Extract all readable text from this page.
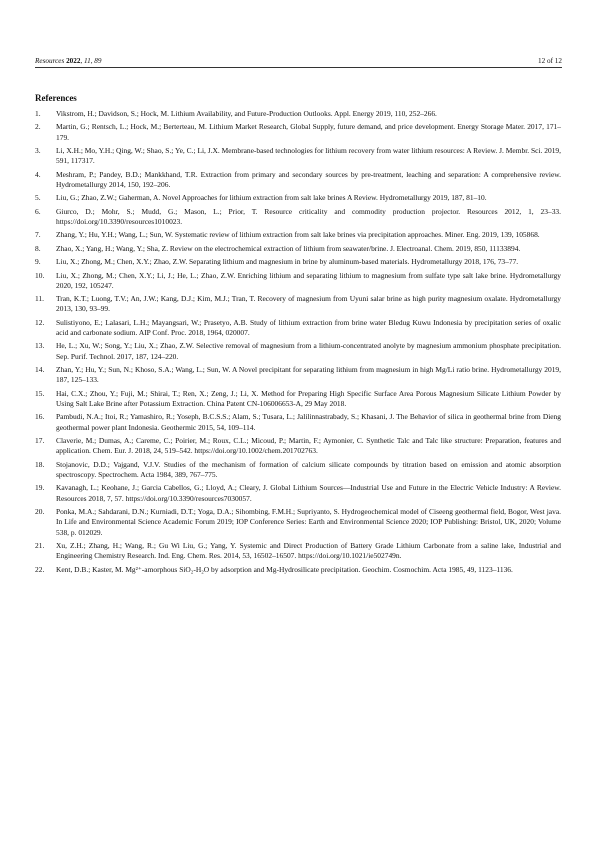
Resources 2022, 11, 89	12 of 12
References
1. Vikstrom, H.; Davidson, S.; Hock, M. Lithium Availability, and Future-Production Outlooks. Appl. Energy 2019, 110, 252–266.
2. Martin, G.; Rentsch, L.; Hock, M.; Berterteau, M. Lithium Market Research, Global Supply, future demand, and price development. Energy Storage Mater. 2017, 171–179.
3. Li, X.H.; Mo, Y.H.; Qing, W.; Shao, S.; Ye, C.; Li, J.X. Membrane-based technologies for lithium recovery from water lithium resources: A Review. J. Membr. Sci. 2019, 591, 117317.
4. Meshram, P.; Pandey, B.D.; Mankkhand, T.R. Extraction from primary and secondary sources by pre-treatment, leaching and separation: A comprehensive review. Hydrometallurgy 2014, 150, 192–206.
5. Liu, G.; Zhao, Z.W.; Gaherman, A. Novel Approaches for lithium extraction from salt lake brines A Review. Hydrometallurgy 2019, 187, 81–10.
6. Giurco, D.; Mohr, S.; Mudd, G.; Mason, L.; Prior, T. Resource criticality and commodity production projector. Resources 2012, 1, 23–33. https://doi.org/10.3390/resources1010023.
7. Zhang, Y.; Hu, Y.H.; Wang, L.; Sun, W. Systematic review of lithium extraction from salt lake brines via precipitation approaches. Miner. Eng. 2019, 139, 105868.
8. Zhao, X.; Yang, H.; Wang, Y.; Sha, Z. Review on the electrochemical extraction of lithium from seawater/brine. J. Electroanal. Chem. 2019, 850, 11133894.
9. Liu, X.; Zhong, M.; Chen, X.Y.; Zhao, Z.W. Separating lithium and magnesium in brine by aluminum-based materials. Hydrometallurgy 2018, 176, 73–77.
10. Liu, X.; Zhong, M.; Chen, X.Y.; Li, J.; He, L.; Zhao, Z.W. Enriching lithium and separating lithium to magnesium from sulfate type salt lake brine. Hydrometallurgy 2020, 192, 105247.
11. Tran, K.T.; Luong, T.V.; An, J.W.; Kang, D.J.; Kim, M.J.; Tran, T. Recovery of magnesium from Uyuni salar brine as high purity magnesium oxalate. Hydrometallurgy 2013, 130, 93–99.
12. Sulistiyono, E.; Lalasari, L.H.; Mayangsari, W.; Prasetyo, A.B. Study of lithium extraction from brine water Bledug Kuwu Indonesia by precipitation series of oxalic acid and carbonate sodium. AIP Conf. Proc. 2018, 1964, 020007.
13. He, L.; Xu, W.; Song, Y.; Liu, X.; Zhao, Z.W. Selective removal of magnesium from a lithium-concentrated anolyte by magnesium ammonium phosphate precipitation. Sep. Purif. Technol. 2017, 187, 124–220.
14. Zhan, Y.; Hu, Y.; Sun, N.; Khoso, S.A.; Wang, L.; Sun, W. A Novel precipitant for separating lithium from magnesium in high Mg/Li ratio brine. Hydrometallurgy 2019, 187, 125–133.
15. Hai, C.X.; Zhou, Y.; Fuji, M.; Shirai, T.; Ren, X.; Zeng, J.; Li, X. Method for Preparing High Specific Surface Area Porous Magnesium Silicate Lithium Powder by Using Salt Lake Brine after Potassium Extraction. China Patent CN-106006653-A, 29 May 2018.
16. Pambudi, N.A.; Itoi, R.; Yamashiro, R.; Yoseph, B.C.S.S.; Alam, S.; Tusara, L.; Jalilinnastrabady, S.; Khasani, J. The Behavior of silica in geothermal brine from Dieng geothermal power plant Indonesia. Geothermic 2015, 54, 109–114.
17. Claverie, M.; Dumas, A.; Careme, C.; Poirier, M.; Roux, C.L.; Micoud, P.; Martin, F.; Aymonier, C. Synthetic Talc and Talc like structure: Preparation, features and application. Chem. Eur. J. 2018, 24, 519–542. https://doi.org/10.1002/chem.201702763.
18. Stojanovic, D.D.; Vajgand, V.J.V. Studies of the mechanism of formation of calcium silicate compounds by titration based on emission and atomic absorption spectroscopy. Spectrochem. Acta 1984, 389, 767–775.
19. Kavanagh, L.; Keohane, J.; Garcia Cabellos, G.; Lloyd, A.; Cleary, J. Global Lithium Sources—Industrial Use and Future in the Electric Vehicle Industry: A Review. Resources 2018, 7, 57. https://doi.org/10.3390/resources7030057.
20. Ponka, M.A.; Sahdarani, D.N.; Kurniadi, D.T.; Yoga, D.A.; Sihombing, F.M.H.; Supriyanto, S. Hydrogeochemical model of Ciseeng geothermal field, Bogor, West java. In Life and Environmental Science Academic Forum 2019; IOP Conference Series: Earth and Environmental Science 2020; IOP Publishing: Bristol, UK, 2020; Volume 538, p. 012029.
21. Xu, Z.H.; Zhang, H.; Wang, R.; Gu Wi Liu, G.; Yang, Y. Systemic and Direct Production of Battery Grade Lithium Carbonate from a saline lake, Industrial and Engineering Chemistry Research. Ind. Eng. Chem. Res. 2014, 53, 16502–16507. https://doi.org/10.1021/ie502749n.
22. Kent, D.B.; Kaster, M. Mg²⁺-amorphous SiO₂-H₂O by adsorption and Mg-Hydrosilicate precipitation. Geochim. Cosmochim. Acta 1985, 49, 1123–1136.
